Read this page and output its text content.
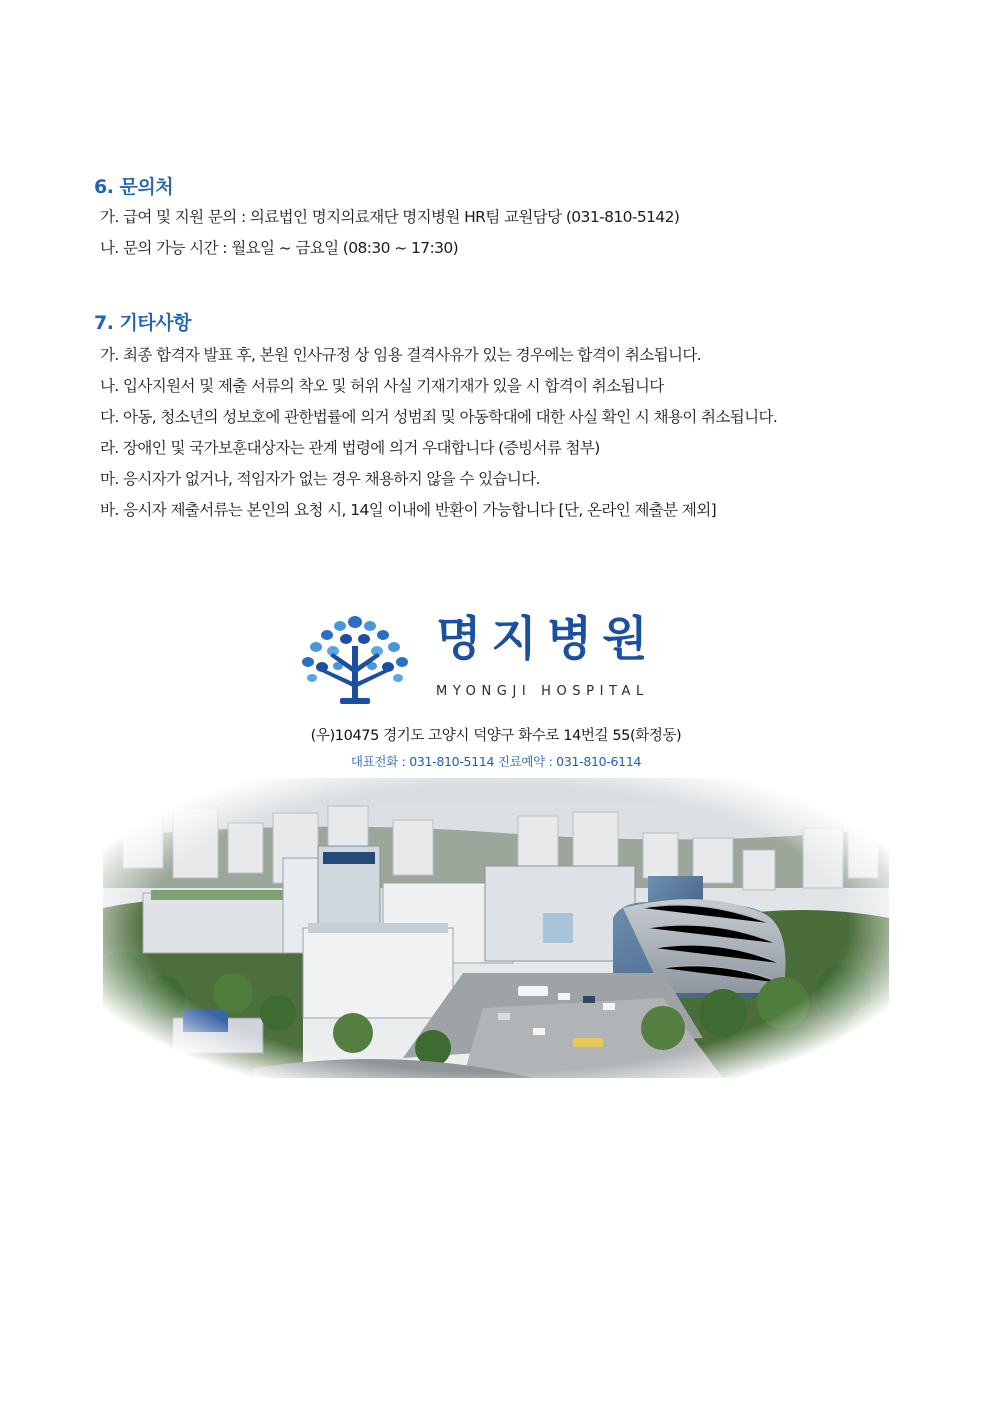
6. 문의처
가. 급여 및 지원 문의 : 의료법인 명지의료재단 명지병원 HR팀 교원담당 (031-810-5142)
나. 문의 가능 시간 : 월요일 ~ 금요일 (08:30 ~ 17:30)
7. 기타사항
가. 최종 합격자 발표 후, 본원 인사규정 상 임용 결격사유가 있는 경우에는 합격이 취소됩니다.
나. 입사지원서 및 제출 서류의 착오 및 허위 사실 기재기재가 있을 시 합격이 취소됩니다
다. 아동, 청소년의 성보호에 관한법률에 의거 성범죄 및 아동학대에 대한 사실 확인 시 채용이 취소됩니다.
라. 장애인 및 국가보훈대상자는 관계 법령에 의거 우대합니다 (증빙서류 첨부)
마. 응시자가 없거나, 적임자가 없는 경우 채용하지 않을 수 있습니다.
바. 응시자 제출서류는 본인의 요청 시, 14일 이내에 반환이 가능합니다 [단, 온라인 제출분 제외]
명지병원

MYONGJI HOSPITAL

(우)10475 경기도 고양시 덕양구 화수로 14번길 55(화정동)

대표전화 : 031-810-5114 진료예약 : 031-810-6114
